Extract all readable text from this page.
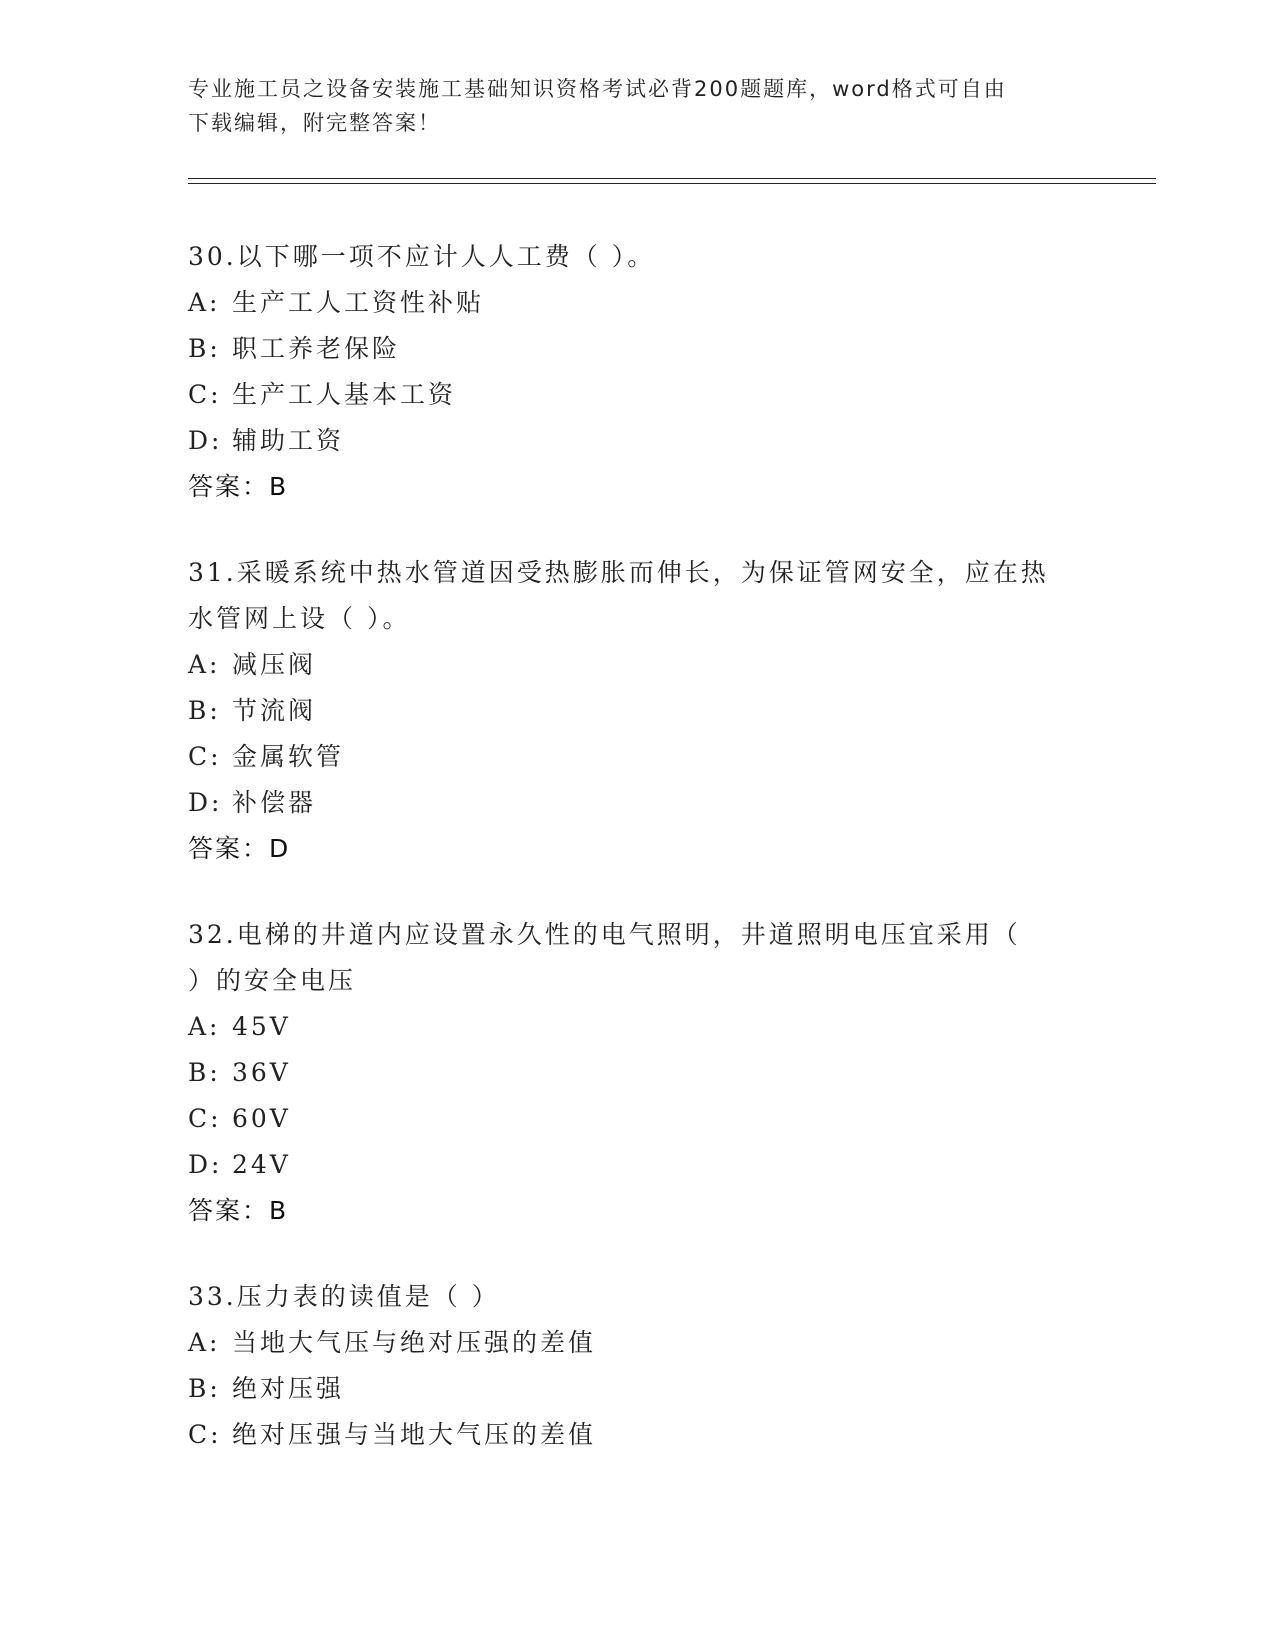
专业施工员之设备安装施工基础知识资格考试必背200题题库，word格式可自由
下载编辑，附完整答案！
30.以下哪一项不应计人人工费（ ）。
A: 生产工人工资性补贴
B: 职工养老保险
C: 生产工人基本工资
D: 辅助工资
答案：B
31.采暖系统中热水管道因受热膨胀而伸长，为保证管网安全，应在热
水管网上设（ ）。
A: 减压阀
B: 节流阀
C: 金属软管
D: 补偿器
答案：D
32.电梯的井道内应设置永久性的电气照明，井道照明电压宜采用（
）的安全电压
A: 45V
B: 36V
C: 60V
D: 24V
答案：B
33.压力表的读值是（ ）
A: 当地大气压与绝对压强的差值
B: 绝对压强
C: 绝对压强与当地大气压的差值
